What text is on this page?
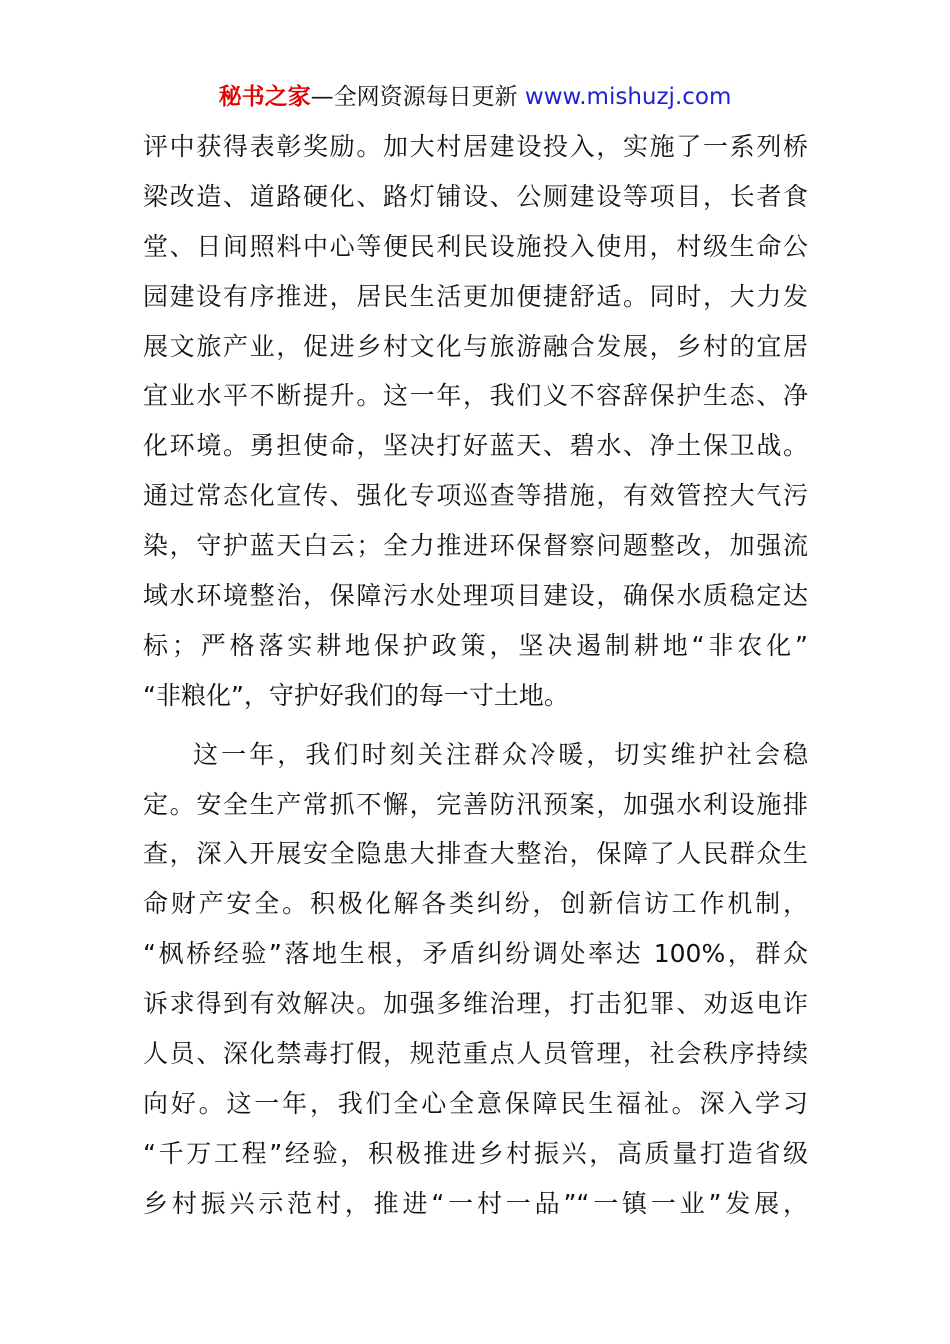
秘书之家—全网资源每日更新 www.mishuzj.com
评中获得表彰奖励。加大村居建设投入，实施了一系列桥
梁改造、道路硬化、路灯铺设、公厕建设等项目，长者食
堂、日间照料中心等便民利民设施投入使用，村级生命公
园建设有序推进，居民生活更加便捷舒适。同时，大力发
展文旅产业，促进乡村文化与旅游融合发展，乡村的宜居
宜业水平不断提升。这一年，我们义不容辞保护生态、净
化环境。勇担使命，坚决打好蓝天、碧水、净土保卫战。
通过常态化宣传、强化专项巡查等措施，有效管控大气污
染，守护蓝天白云；全力推进环保督察问题整改，加强流
域水环境整治，保障污水处理项目建设，确保水质稳定达
标；严格落实耕地保护政策，坚决遏制耕地“非农化”
“非粮化”，守护好我们的每一寸土地。
这一年，我们时刻关注群众冷暖，切实维护社会稳
定。安全生产常抓不懈，完善防汛预案，加强水利设施排
查，深入开展安全隐患大排查大整治，保障了人民群众生
命财产安全。积极化解各类纠纷，创新信访工作机制，
“枫桥经验”落地生根，矛盾纠纷调处率达 100%，群众
诉求得到有效解决。加强多维治理，打击犯罪、劝返电诈
人员、深化禁毒打假，规范重点人员管理，社会秩序持续
向好。这一年，我们全心全意保障民生福祉。深入学习
“千万工程”经验，积极推进乡村振兴，高质量打造省级
乡村振兴示范村，推进“一村一品”“一镇一业”发展，
